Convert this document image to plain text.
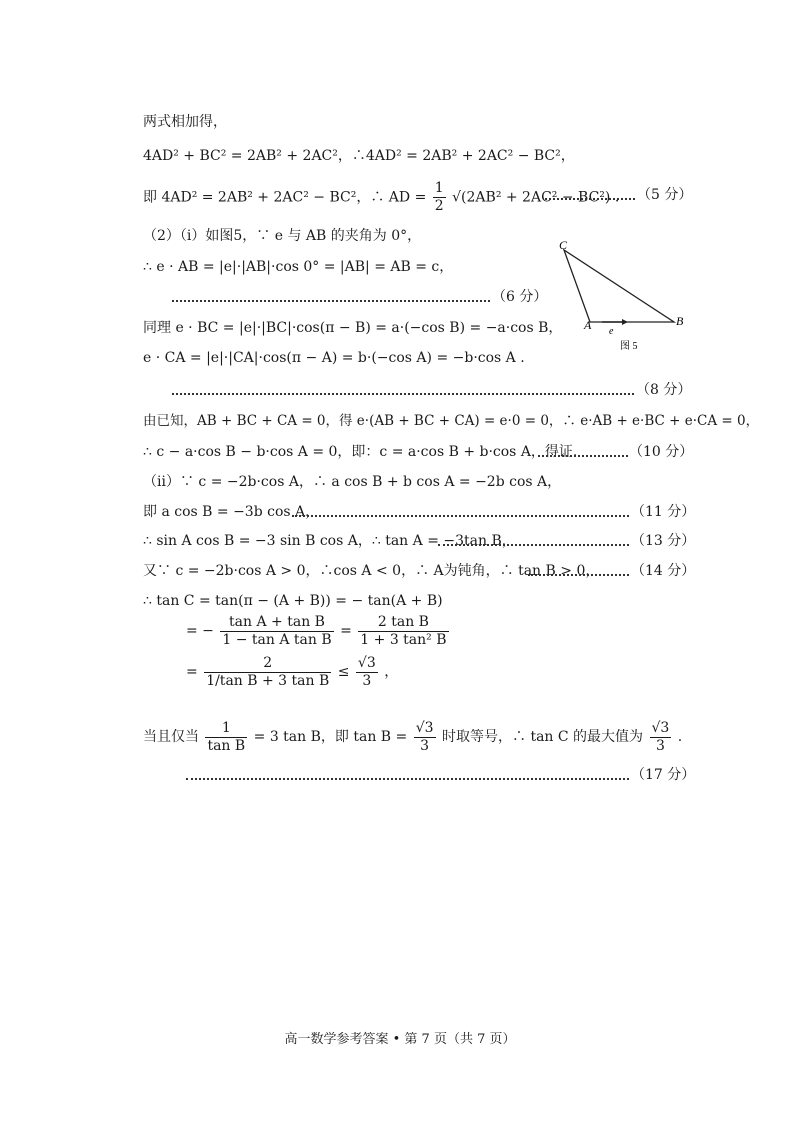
两式相加得，
4AD² + BC² = 2AB² + 2AC²，∴4AD² = 2AB² + 2AC² − BC²，
即 4AD² = 2AB² + 2AC² − BC²，∴ AD = $\frac{1}{2} √(2AB^2 + 2AC^2 - BC^2)$ . （5 分）
（2）（ⅰ）如图5，∵ e 与 AB 的夹角为 0°，
∴ e · AB = |e|·|AB|·cos 0° = |AB| = AB = c，
（6 分）
同理 e · BC = |e|·|BC|·cos(π − B) = a·(−cos B) = −a·cos B，
e · CA = |e|·|CA|·cos(π − A) = b·(−cos A) = −b·cos A .
（8 分）
由已知，AB + BC + CA = 0，得 e·(AB + BC + CA) = e·0 = 0，∴ e·AB + e·BC + e·CA = 0，
∴ c − a·cos B − b·cos A = 0，即：c = a·cos B + b·cos A，得证.	（10 分）
（ⅱ）∵ c = −2b·cos A，∴ a cos B + b cos A = −2b cos A，
即 a cos B = −3b cos A，	（11 分）
∴ sin A cos B = −3 sin B cos A，∴ tan A = −3tan B，	（13 分）
又∵ c = −2b·cos A > 0，∴cos A < 0，∴ A为钝角，∴ tan B > 0， （14 分）
∴ tan C = tan(π − (A + B)) = − tan(A + B)
= − $\frac{\text{tan A + tan B}}{\text{1 − tan A tan B}} = \frac{\text{2 tan B}}{\text{1 + 3 tan² B}}$
= $\frac{2}{\text{1/tan B + 3 tan B}} \le \frac{√3}{3}$ ，
当且仅当 $\frac{1}{\text{tan B}} = 3$ tan B，即 $\tan B = \frac{√3}{3}$ 时取等号，∴ tan C 的最大值为 $\frac{√3}{3}$ .
（17 分）
C
A	B
e
图 5
高一数学参考答案 • 第 7 页（共 7 页）
